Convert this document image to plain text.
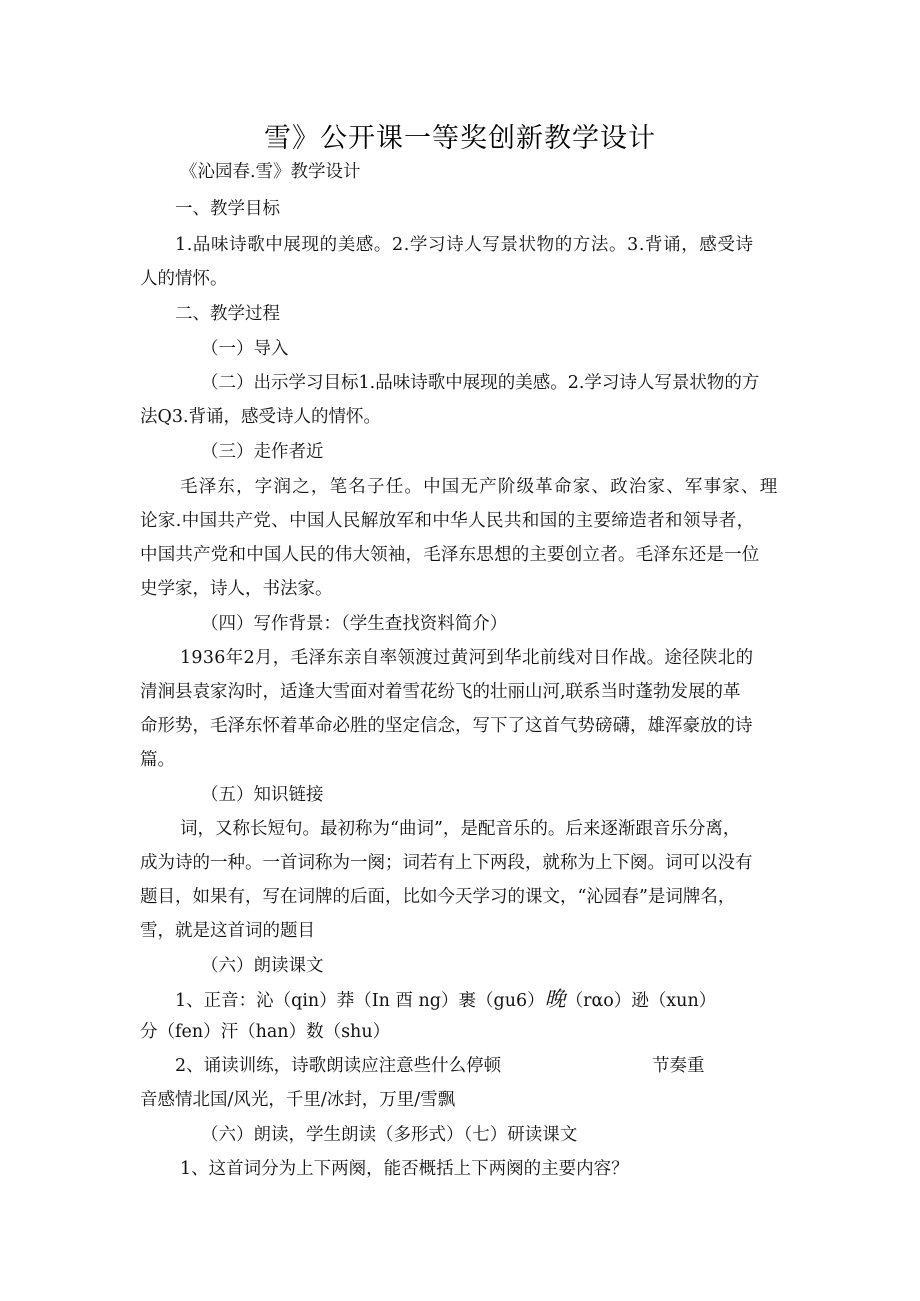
雪》公开课一等奖创新教学设计
《沁园春.雪》教学设计
一、教学目标
1.品味诗歌中展现的美感。2.学习诗人写景状物的方法。3.背诵，感受诗
人的情怀。
二、教学过程
（一）导入
（二）出示学习目标1.品味诗歌中展现的美感。2.学习诗人写景状物的方
法Q3.背诵，感受诗人的情怀。
（三）走作者近
毛泽东，字润之，笔名子任。中国无产阶级革命家、政治家、军事家、理
论家.中国共产党、中国人民解放军和中华人民共和国的主要缔造者和领导者，
中国共产党和中国人民的伟大领袖，毛泽东思想的主要创立者。毛泽东还是一位
史学家，诗人，书法家。
（四）写作背景：（学生查找资料简介）
1936年2月，毛泽东亲自率领渡过黄河到华北前线对日作战。途径陕北的
清涧县袁家沟时，适逢大雪面对着雪花纷飞的壮丽山河,联系当时蓬勃发展的革
命形势，毛泽东怀着革命必胜的坚定信念，写下了这首气势磅礴，雄浑豪放的诗
篇。
（五）知识链接
词，又称长短句。最初称为“曲词”，是配音乐的。后来逐渐跟音乐分离，
成为诗的一种。一首词称为一阕；词若有上下两段，就称为上下阕。词可以没有
题目，如果有，写在词牌的后面，比如今天学习的课文，“沁园春”是词牌名，
雪，就是这首词的题目
（六）朗读课文
1、正音：沁（qin）莽（In 酉 ng）裹（gu6）晚（rαo）逊（xun）
分（fen）汗（han）数（shu）
2、诵读训练，诗歌朗读应注意些什么停顿	节奏重
音感情北国/风光，千里/冰封，万里/雪飘
（六）朗读，学生朗读（多形式）（七）研读课文
1、这首词分为上下两阕，能否概括上下两阕的主要内容？
